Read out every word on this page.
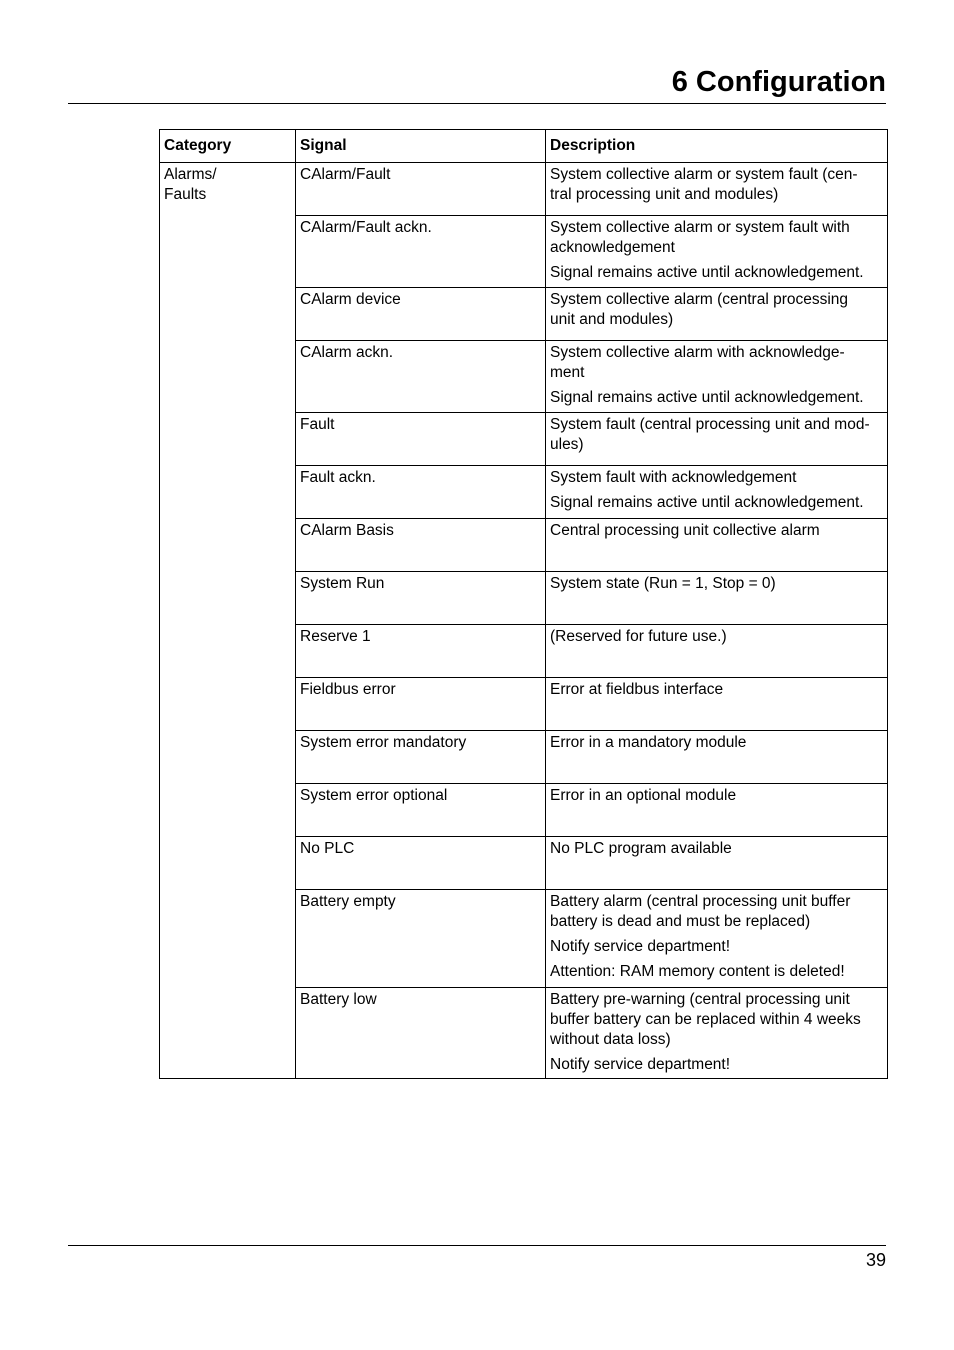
6 Configuration
Category	Signal	Description

Alarms/
Faults	CAlarm/Fault	System collective alarm or system fault (cen-
tral processing unit and modules)

	CAlarm/Fault ackn.	System collective alarm or system fault with
acknowledgement

Signal remains active until acknowledgement.

	CAlarm device	System collective alarm (central processing
unit and modules)

	CAlarm ackn.	System collective alarm with acknowledge-
ment

Signal remains active until acknowledgement.

	Fault	System fault (central processing unit and mod-
ules)

	Fault ackn.	System fault with acknowledgement

Signal remains active until acknowledgement.

	CAlarm Basis	Central processing unit collective alarm

	System Run	System state (Run = 1, Stop = 0)

	Reserve 1	(Reserved for future use.)

	Fieldbus error	Error at fieldbus interface

	System error mandatory	Error in a mandatory module

	System error optional	Error in an optional module

	No PLC	No PLC program available

	Battery empty	Battery alarm (central processing unit buffer
battery is dead and must be replaced)

Notify service department!

Attention: RAM memory content is deleted!

	Battery low	Battery pre-warning (central processing unit
buffer battery can be replaced within 4 weeks
without data loss)

Notify service department!

39
